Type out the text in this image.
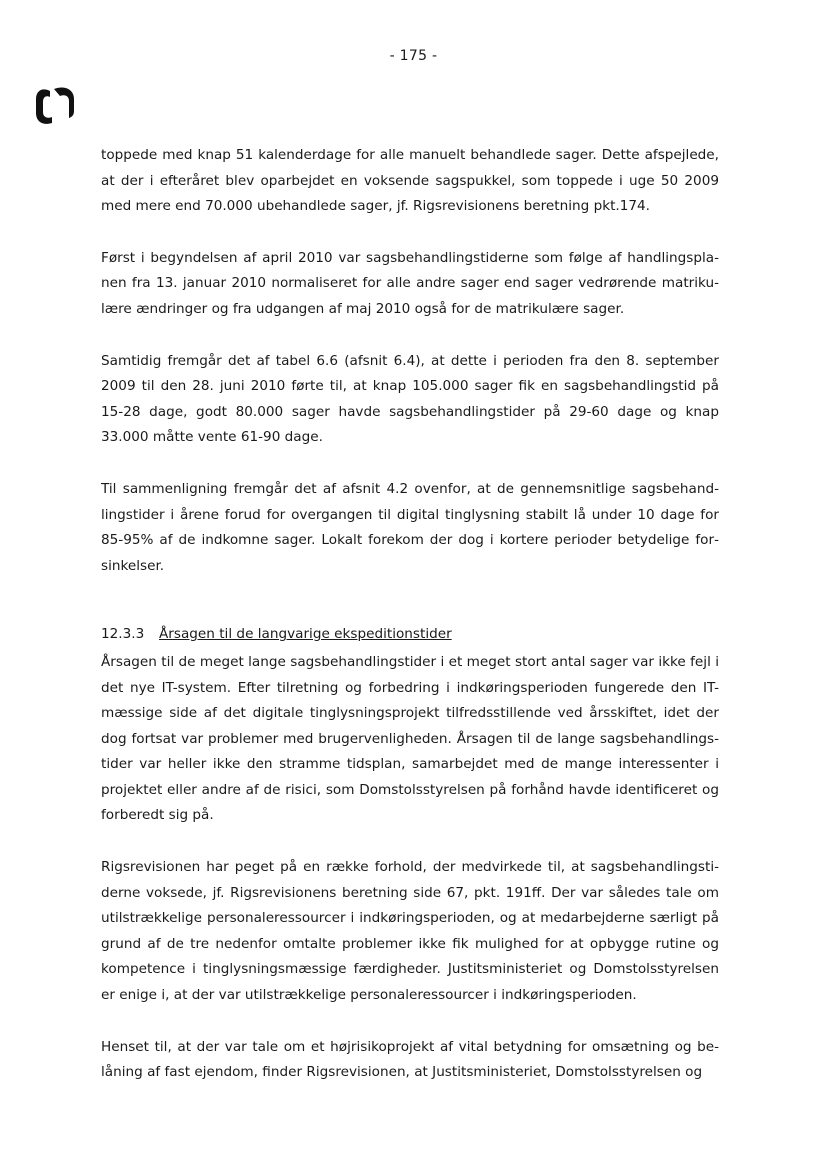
- 175 -

toppede med knap 51 kalenderdage for alle manuelt behandlede sager. Dette afspejlede, at der i efteråret blev oparbejdet en voksende sagspukkel, som toppede i uge 50 2009 med mere end 70.000 ubehandlede sager, jf. Rigsrevisionens beretning pkt.174.

Først i begyndelsen af april 2010 var sagsbehandlingstiderne som følge af handlingsplanen fra 13. januar 2010 normaliseret for alle andre sager end sager vedrørende matrikulære ændringer og fra udgangen af maj 2010 også for de matrikulære sager.

Samtidig fremgår det af tabel 6.6 (afsnit 6.4), at dette i perioden fra den 8. september 2009 til den 28. juni 2010 førte til, at knap 105.000 sager fik en sagsbehandlingstid på 15-28 dage, godt 80.000 sager havde sagsbehandlingstider på 29-60 dage og knap 33.000 måtte vente 61-90 dage.

Til sammenligning fremgår det af afsnit 4.2 ovenfor, at de gennemsnitlige sagsbehandlingstider i årene forud for overgangen til digital tinglysning stabilt lå under 10 dage for 85-95% af de indkomne sager. Lokalt forekom der dog i kortere perioder betydelige forsinkelser.

12.3.3 Årsagen til de langvarige ekspeditionstider

Årsagen til de meget lange sagsbehandlingstider i et meget stort antal sager var ikke fejl i det nye IT-system. Efter tilretning og forbedring i indkøringsperioden fungerede den IT-mæssige side af det digitale tinglysningsprojekt tilfredsstillende ved årsskiftet, idet der dog fortsat var problemer med brugervenligheden. Årsagen til de lange sagsbehandlingstider var heller ikke den stramme tidsplan, samarbejdet med de mange interessenter i projektet eller andre af de risici, som Domstolsstyrelsen på forhånd havde identificeret og forberedt sig på.

Rigsrevisionen har peget på en række forhold, der medvirkede til, at sagsbehandlingstiderne voksede, jf. Rigsrevisionens beretning side 67, pkt. 191ff. Der var således tale om utilstrækkelige personaleressourcer i indkøringsperioden, og at medarbejderne særligt på grund af de tre nedenfor omtalte problemer ikke fik mulighed for at opbygge rutine og kompetence i tinglysningsmæssige færdigheder. Justitsministeriet og Domstolsstyrelsen er enige i, at der var utilstrækkelige personaleressourcer i indkøringsperioden.

Henset til, at der var tale om et højrisikoprojekt af vital betydning for omsætning og belåning af fast ejendom, finder Rigsrevisionen, at Justitsministeriet, Domstolsstyrelsen og
